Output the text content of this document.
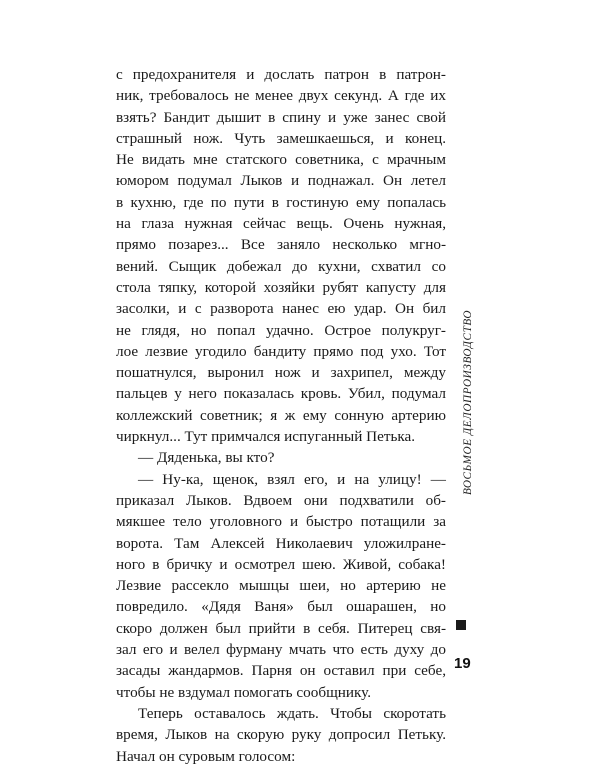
с предохранителя и дослать патрон в патрон-
ник, требовалось не менее двух секунд. А где их
взять? Бандит дышит в спину и уже занес свой
страшный нож. Чуть замешкаешься, и конец.
Не видать мне статского советника, с мрачным
юмором подумал Лыков и поднажал. Он летел
в кухню, где по пути в гостиную ему попалась
на глаза нужная сейчас вещь. Очень нужная,
прямо позарез... Все заняло несколько мгно-
вений. Сыщик добежал до кухни, схватил со
стола тяпку, которой хозяйки рубят капусту для
засолки, и с разворота нанес ею удар. Он бил
не глядя, но попал удачно. Острое полукруг-
лое лезвие угодило бандиту прямо под ухо. Тот
пошатнулся, выронил нож и захрипел, между
пальцев у него показалась кровь. Убил, подумал
коллежский советник; я ж ему сонную артерию
чиркнул... Тут примчался испуганный Петька.
— Дяденька, вы кто?
— Ну-ка, щенок, взял его, и на улицу! —
приказал Лыков. Вдвоем они подхватили об-
мякшее тело уголовного и быстро потащили за
ворота. Там Алексей Николаевич уложилране-
ного в бричку и осмотрел шею. Живой, собака!
Лезвие рассекло мышцы шеи, но артерию не
повредило. «Дядя Ваня» был ошарашен, но
скоро должен был прийти в себя. Питерец свя-
зал его и велел фурману мчать что есть духу до
засады жандармов. Парня он оставил при себе,
чтобы не вздумал помогать сообщнику.
Теперь оставалось ждать. Чтобы скоротать
время, Лыков на скорую руку допросил Петьку.
Начал он суровым голосом:
ВОСЬМОЕ ДЕЛОПРОИЗВОДСТВО
19
